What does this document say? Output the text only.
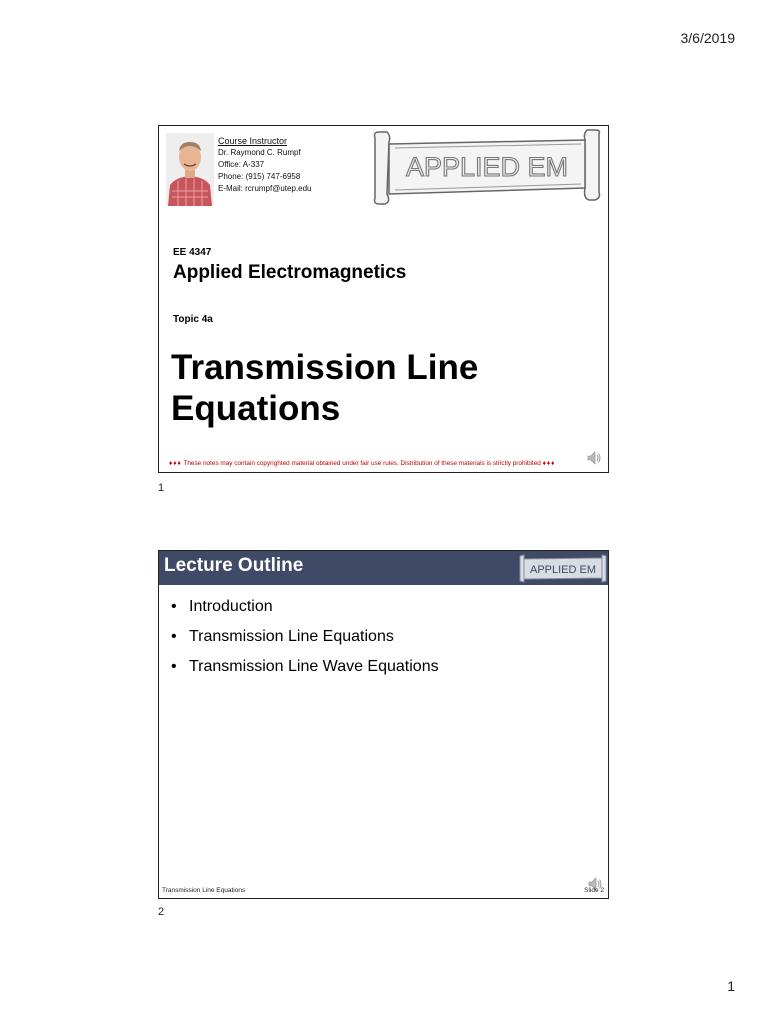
3/6/2019
Course Instructor
Dr. Raymond C. Rumpf
Office: A-337
Phone: (915) 747-6958
E-Mail: rcrumpf@utep.edu
APPLIED EM
EE 4347
Applied Electromagnetics
Topic 4a
Transmission Line
Equations
♦♦♦ These notes may contain copyrighted material obtained under fair use rules. Distribution of these materials is strictly prohibited ♦♦♦
1
Lecture Outline	APPLIED EM
• Introduction
• Transmission Line Equations
• Transmission Line Wave Equations
Transmission Line Equations	Slide 2
2
1
